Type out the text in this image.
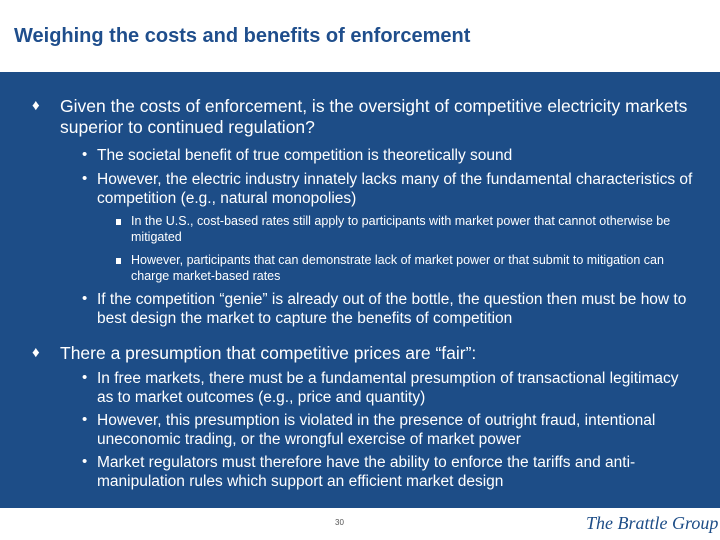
Weighing the costs and benefits of enforcement
♦ Given the costs of enforcement, is the oversight of competitive electricity markets superior to continued regulation?
• The societal benefit of true competition is theoretically sound
• However, the electric industry innately lacks many of the fundamental characteristics of competition (e.g., natural monopolies)
In the U.S., cost-based rates still apply to participants with market power that cannot otherwise be mitigated
However, participants that can demonstrate lack of market power or that submit to mitigation can charge market-based rates
• If the competition “genie” is already out of the bottle, the question then must be how to best design the market to capture the benefits of competition
♦ There a presumption that competitive prices are “fair”:
• In free markets, there must be a fundamental presumption of transactional legitimacy as to market outcomes (e.g., price and quantity)
• However, this presumption is violated in the presence of outright fraud, intentional uneconomic trading, or the wrongful exercise of market power
• Market regulators must therefore have the ability to enforce the tariffs and anti-manipulation rules which support an efficient market design
30	The Brattle Group
